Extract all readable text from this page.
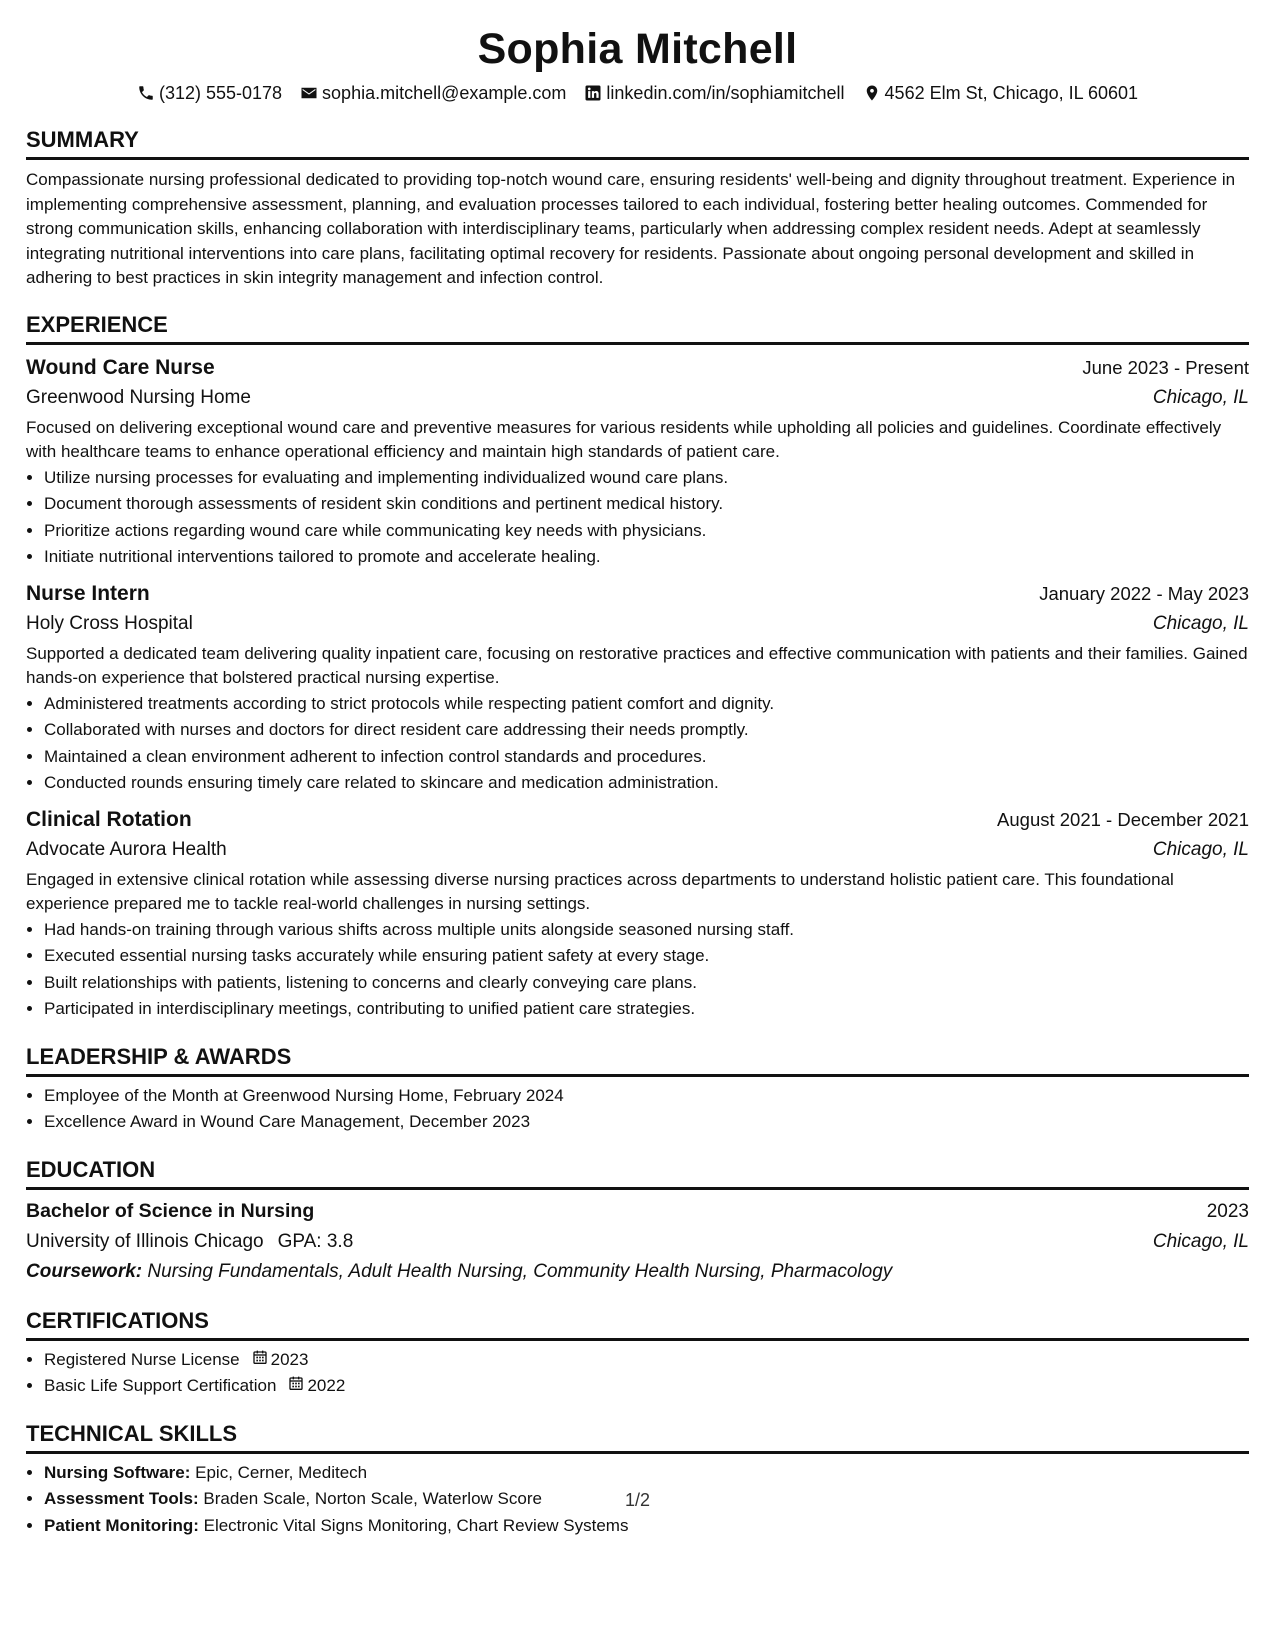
Sophia Mitchell
(312) 555-0178 sophia.mitchell@example.com linkedin.com/in/sophiamitchell 4562 Elm St, Chicago, IL 60601
SUMMARY

Compassionate nursing professional dedicated to providing top-notch wound care, ensuring residents' well-being and dignity throughout treatment. Experience in implementing comprehensive assessment, planning, and evaluation processes tailored to each individual, fostering better healing outcomes. Commended for strong communication skills, enhancing collaboration with interdisciplinary teams, particularly when addressing complex resident needs. Adept at seamlessly integrating nutritional interventions into care plans, facilitating optimal recovery for residents. Passionate about ongoing personal development and skilled in adhering to best practices in skin integrity management and infection control.

EXPERIENCE
Wound Care Nurse	June 2023 - Present
Greenwood Nursing Home	Chicago, IL

Focused on delivering exceptional wound care and preventive measures for various residents while upholding all policies and guidelines. Coordinate effectively with healthcare teams to enhance operational efficiency and maintain high standards of patient care.

• Utilize nursing processes for evaluating and implementing individualized wound care plans.
• Document thorough assessments of resident skin conditions and pertinent medical history.
• Prioritize actions regarding wound care while communicating key needs with physicians.
• Initiate nutritional interventions tailored to promote and accelerate healing.
Nurse Intern	January 2022 - May 2023
Holy Cross Hospital	Chicago, IL

Supported a dedicated team delivering quality inpatient care, focusing on restorative practices and effective communication with patients and their families. Gained hands-on experience that bolstered practical nursing expertise.

• Administered treatments according to strict protocols while respecting patient comfort and dignity.
• Collaborated with nurses and doctors for direct resident care addressing their needs promptly.
• Maintained a clean environment adherent to infection control standards and procedures.
• Conducted rounds ensuring timely care related to skincare and medication administration.
Clinical Rotation	August 2021 - December 2021
Advocate Aurora Health	Chicago, IL

Engaged in extensive clinical rotation while assessing diverse nursing practices across departments to understand holistic patient care. This foundational experience prepared me to tackle real-world challenges in nursing settings.

• Had hands-on training through various shifts across multiple units alongside seasoned nursing staff.
• Executed essential nursing tasks accurately while ensuring patient safety at every stage.
• Built relationships with patients, listening to concerns and clearly conveying care plans.
• Participated in interdisciplinary meetings, contributing to unified patient care strategies.
LEADERSHIP & AWARDS
• Employee of the Month at Greenwood Nursing Home, February 2024
• Excellence Award in Wound Care Management, December 2023
EDUCATION
Bachelor of Science in Nursing	2023
University of Illinois Chicago GPA: 3.8	Chicago, IL
Coursework: Nursing Fundamentals, Adult Health Nursing, Community Health Nursing, Pharmacology
CERTIFICATIONS
• Registered Nurse License 2023
• Basic Life Support Certification 2022
TECHNICAL SKILLS
• Nursing Software: Epic, Cerner, Meditech
• Assessment Tools: Braden Scale, Norton Scale, Waterlow Score
• Patient Monitoring: Electronic Vital Signs Monitoring, Chart Review Systems
1/2
